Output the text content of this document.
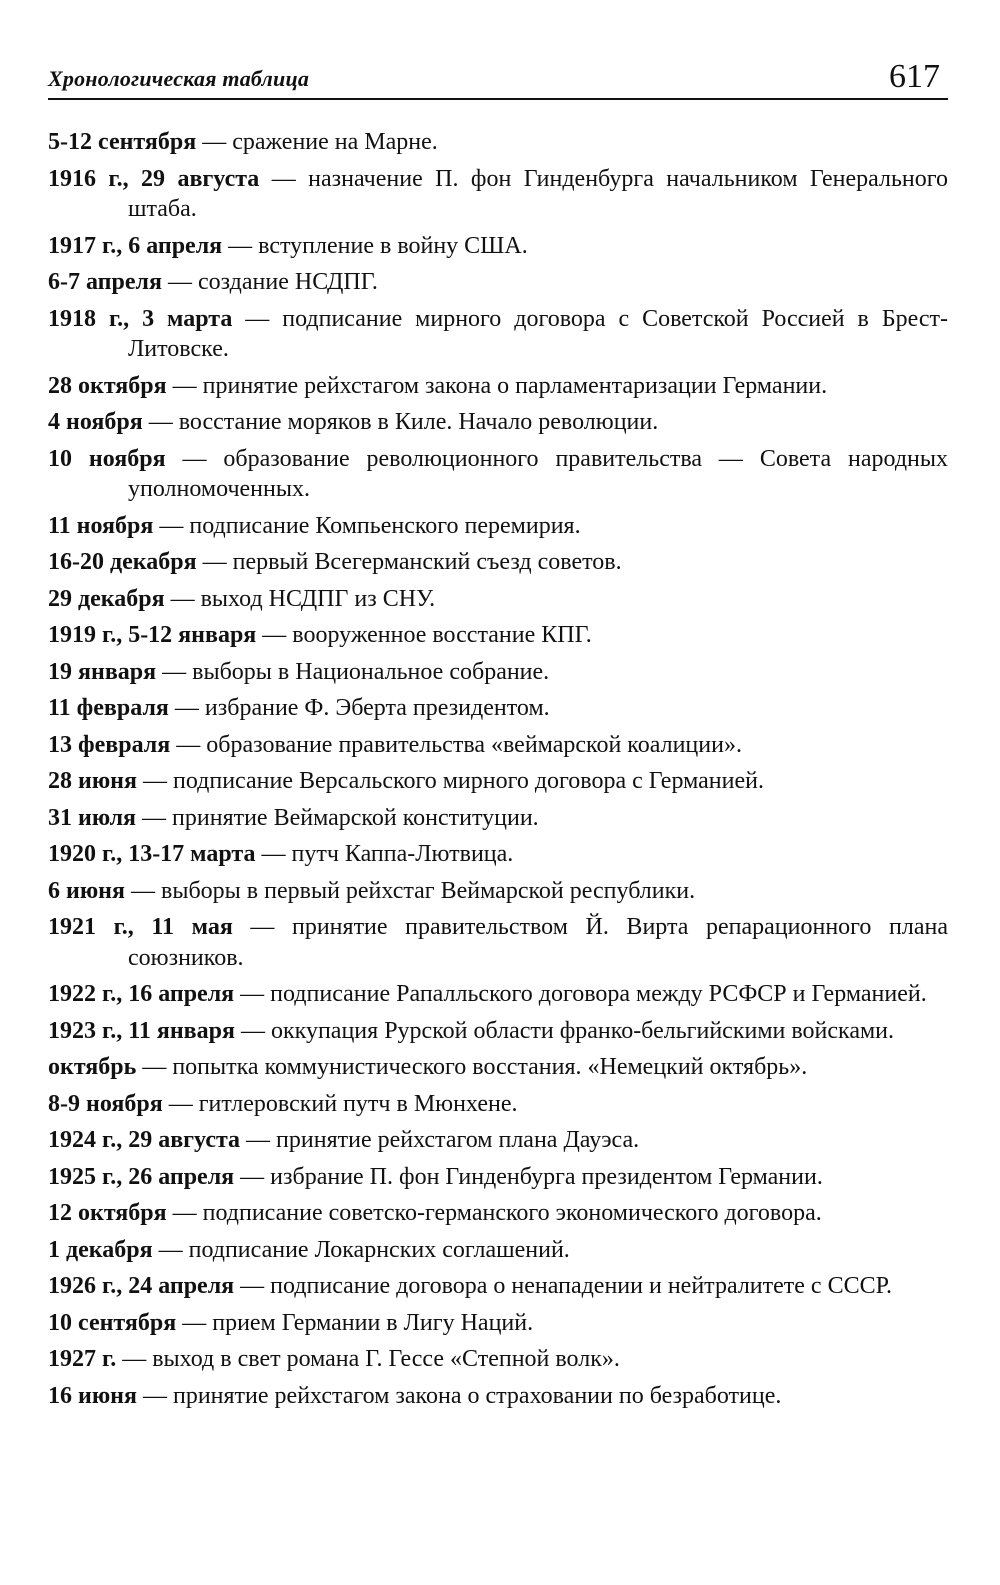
Хронологическая таблица	617
5-12 сентября — сражение на Марне.
1916 г., 29 августа — назначение П. фон Гинденбурга начальником Генерального штаба.
1917 г., 6 апреля — вступление в войну США.
6-7 апреля — создание НСДПГ.
1918 г., 3 марта — подписание мирного договора с Советской Россией в Брест-Литовске.
28 октября — принятие рейхстагом закона о парламентаризации Германии.
4 ноября — восстание моряков в Киле. Начало революции.
10 ноября — образование революционного правительства — Совета народных уполномоченных.
11 ноября — подписание Компьенского перемирия.
16-20 декабря — первый Всегерманский съезд советов.
29 декабря — выход НСДПГ из СНУ.
1919 г., 5-12 января — вооруженное восстание КПГ.
19 января — выборы в Национальное собрание.
11 февраля — избрание Ф. Эберта президентом.
13 февраля — образование правительства «веймарской коалиции».
28 июня — подписание Версальского мирного договора с Германией.
31 июля — принятие Веймарской конституции.
1920 г., 13-17 марта — путч Каппа-Лютвица.
6 июня — выборы в первый рейхстаг Веймарской республики.
1921 г., 11 мая — принятие правительством Й. Вирта репарационного плана союзников.
1922 г., 16 апреля — подписание Рапалльского договора между РСФСР и Германией.
1923 г., 11 января — оккупация Рурской области франко-бельгийскими войсками.
октябрь — попытка коммунистического восстания. «Немецкий октябрь».
8-9 ноября — гитлеровский путч в Мюнхене.
1924 г., 29 августа — принятие рейхстагом плана Дауэса.
1925 г., 26 апреля — избрание П. фон Гинденбурга президентом Германии.
12 октября — подписание советско-германского экономического договора.
1 декабря — подписание Локарнских соглашений.
1926 г., 24 апреля — подписание договора о ненападении и нейтралитете с СССР.
10 сентября — прием Германии в Лигу Наций.
1927 г. — выход в свет романа Г. Гессе «Степной волк».
16 июня — принятие рейхстагом закона о страховании по безработице.
